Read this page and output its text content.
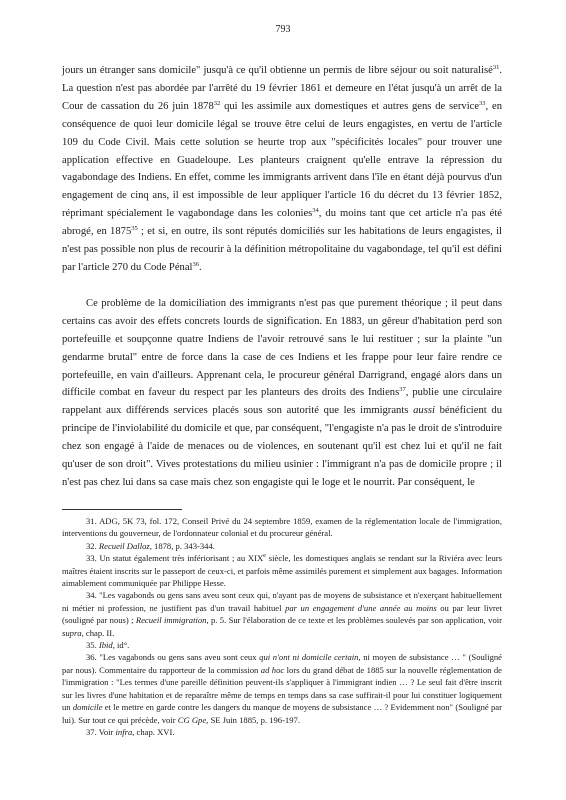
793

jours un étranger sans domicile" jusqu'à ce qu'il obtienne un permis de libre séjour ou soit naturalisé$^{31}$. La question n'est pas abordée par l'arrêté du 19 février 1861 et demeure en l'état jusqu'à un arrêt de la Cour de cassation du 26 juin 1878$^{32}$ qui les assimile aux domestiques et autres gens de service$^{33}$, en conséquence de quoi leur domicile légal se trouve être celui de leurs engagistes, en vertu de l'article 109 du Code Civil. Mais cette solution se heurte trop aux "spécificités locales" pour trouver une application effective en Guadeloupe. Les planteurs craignent qu'elle entrave la répression du vagabondage des Indiens. En effet, comme les immigrants arrivent dans l'île en étant déjà pourvus d'un engagement de cinq ans, il est impossible de leur appliquer l'article 16 du décret du 13 février 1852, réprimant spécialement le vagabondage dans les colonies$^{34}$, du moins tant que cet article n'a pas été abrogé, en 1875$^{35}$ ; et si, en outre, ils sont réputés domiciliés sur les habitations de leurs engagistes, il n'est pas possible non plus de recourir à la définition métropolitaine du vagabondage, tel qu'il est défini par l'article 270 du Code Pénal$^{36}$.

Ce problème de la domiciliation des immigrants n'est pas que purement théorique ; il peut dans certains cas avoir des effets concrets lourds de signification. En 1883, un gêreur d'habitation perd son portefeuille et soupçonne quatre Indiens de l'avoir retrouvé sans le lui restituer ; sur la plainte "un gendarme brutal" entre de force dans la case de ces Indiens et les frappe pour leur faire rendre ce portefeuille, en vain d'ailleurs. Apprenant cela, le procureur général Darrigrand, engagé alors dans un difficile combat en faveur du respect par les planteurs des droits des Indiens$^{37}$, publie une circulaire rappelant aux différends services placés sous son autorité que les immigrants aussi bénéficient du principe de l'inviolabilité du domicile et que, par conséquent, "l'engagiste n'a pas le droit de s'introduire chez son engagé à l'aide de menaces ou de violences, en soutenant qu'il est chez lui et qu'il ne fait qu'user de son droit". Vives protestations du milieu usinier : l'immigrant n'a pas de domicile propre ; il n'est pas chez lui dans sa case mais chez son engagiste qui le loge et le nourrit. Par conséquent, le

31. ADG, 5K 73, fol. 172, Conseil Privé du 24 septembre 1859, examen de la réglementation locale de l'immigration, interventions du gouverneur, de l'ordonnateur colonial et du procureur général.

32. Recueil Dalloz, 1878, p. 343-344.

33. Un statut également très infériorisant ; au XIXe siècle, les domestiques anglais se rendant sur la Riviéra avec leurs maîtres étaient inscrits sur le passeport de ceux-ci, et parfois même assimilés purement et simplement aux bagages. Information aimablement communiquée par Philippe Hesse.

34. "Les vagabonds ou gens sans aveu sont ceux qui, n'ayant pas de moyens de subsistance et n'exerçant habituellement ni métier ni profession, ne justifient pas d'un travail habituel par un engagement d'une année au moins ou par leur livret (souligné par nous) ; Recueil immigration, p. 5. Sur l'élaboration de ce texte et les problèmes soulevés par son application, voir supra, chap. II.

35. Ibid, id°.

36. "Les vagabonds ou gens sans aveu sont ceux qui n'ont ni domicile certain, ni moyen de subsistance … " (Souligné par nous). Commentaire du rapporteur de la commission ad hoc lors du grand débat de 1885 sur la nouvelle réglementation de l'immigration : "Les termes d'une pareille définition peuvent-ils s'appliquer à l'immigrant indien … ? Le seul fait d'être inscrit sur les livres d'une habitation et de reparaître même de temps en temps dans sa case suffirait-il pour lui constituer logiquement un domicile et le mettre en garde contre les dangers du manque de moyens de subsistance … ? Evidemment non" (Souligné par lui). Sur tout ce qui précède, voir CG Gpe, SE Juin 1885, p. 196-197.

37. Voir infra, chap. XVI.
